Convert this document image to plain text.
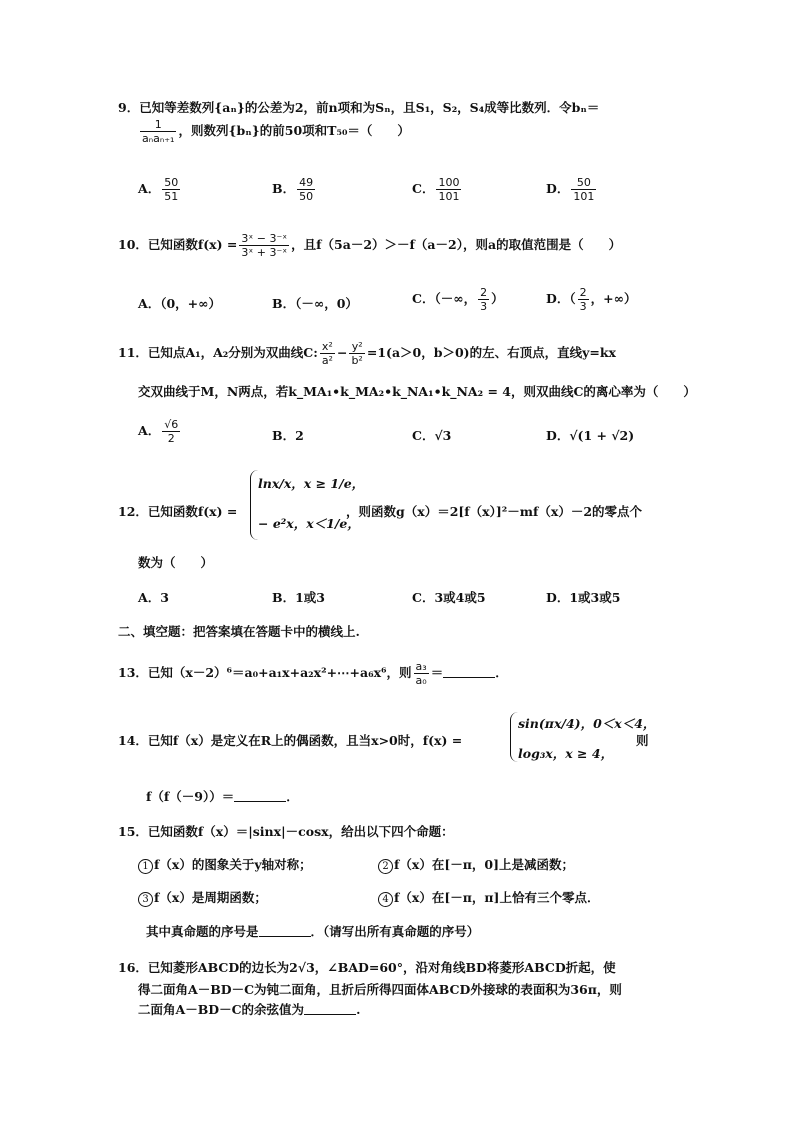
9．已知等差数列{aₙ}的公差为2，前n项和为Sₙ，且S₁，S₂，S₄成等比数列．令bₙ＝
$\frac{1}{\text{aₙaₙ₊₁}}$ ，则数列{bₙ}的前50项和T₅₀＝（　　）
A． $\frac{50}{51}$	B． $\frac{49}{50}$	C． $\frac{100}{101}$	D． $\frac{50}{101}$
10．已知函数$f(x) = \frac{\text{3ˣ − 3⁻ˣ}}{\text{3ˣ + 3⁻ˣ}}$ ，且f（5a－2）＞－f（a－2），则a的取值范围是（　　）
A．（0，+∞）	B．（－∞，0）	C．（－∞， $\frac{2}{3}$ ）	D．（ $\frac{2}{3}$ ，+∞）
11．已知点A₁，A₂分别为双曲线C: $\frac{\text{x²}}{\text{a²}} - \frac{\text{y²}}{\text{b²}} =1(a>0$，b＞0)的左、右顶点，直线y=kx
交双曲线于M，N两点，若k_MA₁•k_MA₂•k_NA₁•k_NA₂ = 4，则双曲线C的离心率为（　　）
A． $\frac{√6}{2}$	B．2	C．√3	D．√(1 + √2)
12．已知函数f(x) =
lnx/x，x ≥ 1/e，
− e²x，x＜1/e，
，则函数g（x）＝2[f（x）]²－mf（x）－2的零点个
数为（　　）
A．3	B．1或3	C．3或4或5	D．1或3或5
二、填空题：把答案填在答题卡中的横线上.
13．已知（x－2）⁶＝a₀+a₁x+a₂x²+⋯+a₆x⁶，则 $\frac{\text{a₃}}{\text{a₀}}$ ＝	．
14．已知f（x）是定义在R上的偶函数，且当x>0时，f(x) =
sin(πx/4)，0＜x＜4，
log₃x，x ≥ 4，
则
f（f（－9））＝	．
15．已知函数f（x）＝|sinx|－cosx，给出以下四个命题：
1 f（x）的图象关于y轴对称；	2 f（x）在[－π，0]上是减函数；
3 f（x）是周期函数；	4 f（x）在[－π，π]上恰有三个零点．
其中真命题的序号是	．（请写出所有真命题的序号）
16．已知菱形ABCD的边长为2√3，∠BAD=60°，沿对角线BD将菱形ABCD折起，使
得二面角A－BD－C为钝二面角，且折后所得四面体ABCD外接球的表面积为36π，则
二面角A－BD－C的余弦值为	.
